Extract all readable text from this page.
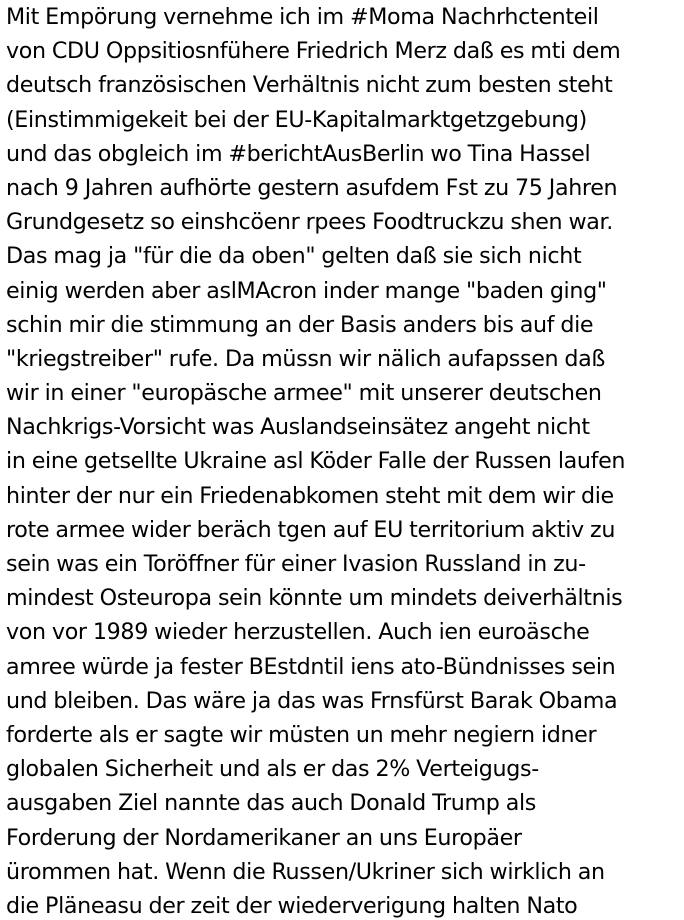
Mit Empörung vernehme ich im #Moma Nachrhctenteil
von CDU Oppsitiosnfühere Friedrich Merz daß es mti dem
deutsch französischen Verhältnis nicht zum besten steht
(Einstimmigekeit bei der EU-Kapitalmarktgetzgebung)
und das obgleich im #berichtAusBerlin wo Tina Hassel
nach 9 Jahren aufhörte gestern asufdem Fst zu 75 Jahren
Grundgesetz so einshcöenr rpees Foodtruckzu shen war.
Das mag ja "für die da oben" gelten daß sie sich nicht
einig werden aber aslMAcron inder mange "baden ging"
schin mir die stimmung an der Basis anders bis auf die
"kriegstreiber" rufe. Da müssn wir nälich aufapssen daß
wir in einer "europäsche armee" mit unserer deutschen
Nachkrigs-Vorsicht was Auslandseinsätez angeht nicht
in eine getsellte Ukraine asl Köder Falle der Russen laufen
hinter der nur ein Friedenabkomen steht mit dem wir die
rote armee wider beräch tgen auf EU territorium aktiv zu
sein was ein Toröffner für einer Ivasion Russland in zu-
mindest Osteuropa sein könnte um mindets deiverhältnis
von vor 1989 wieder herzustellen. Auch ien euroäsche
amree würde ja fester BEstdntil iens ato-Bündnisses sein
und bleiben. Das wäre ja das was Frnsfürst Barak Obama
forderte als er sagte wir müsten un mehr negiern idner
globalen Sicherheit und als er das 2% Verteigugs-
ausgaben Ziel nannte das auch Donald Trump als
Forderung der Nordamerikaner an uns Europäer
ürommen hat. Wenn die Russen/Ukriner sich wirklich an
die Pläneasu der zeit der wiederverigung halten Nato
